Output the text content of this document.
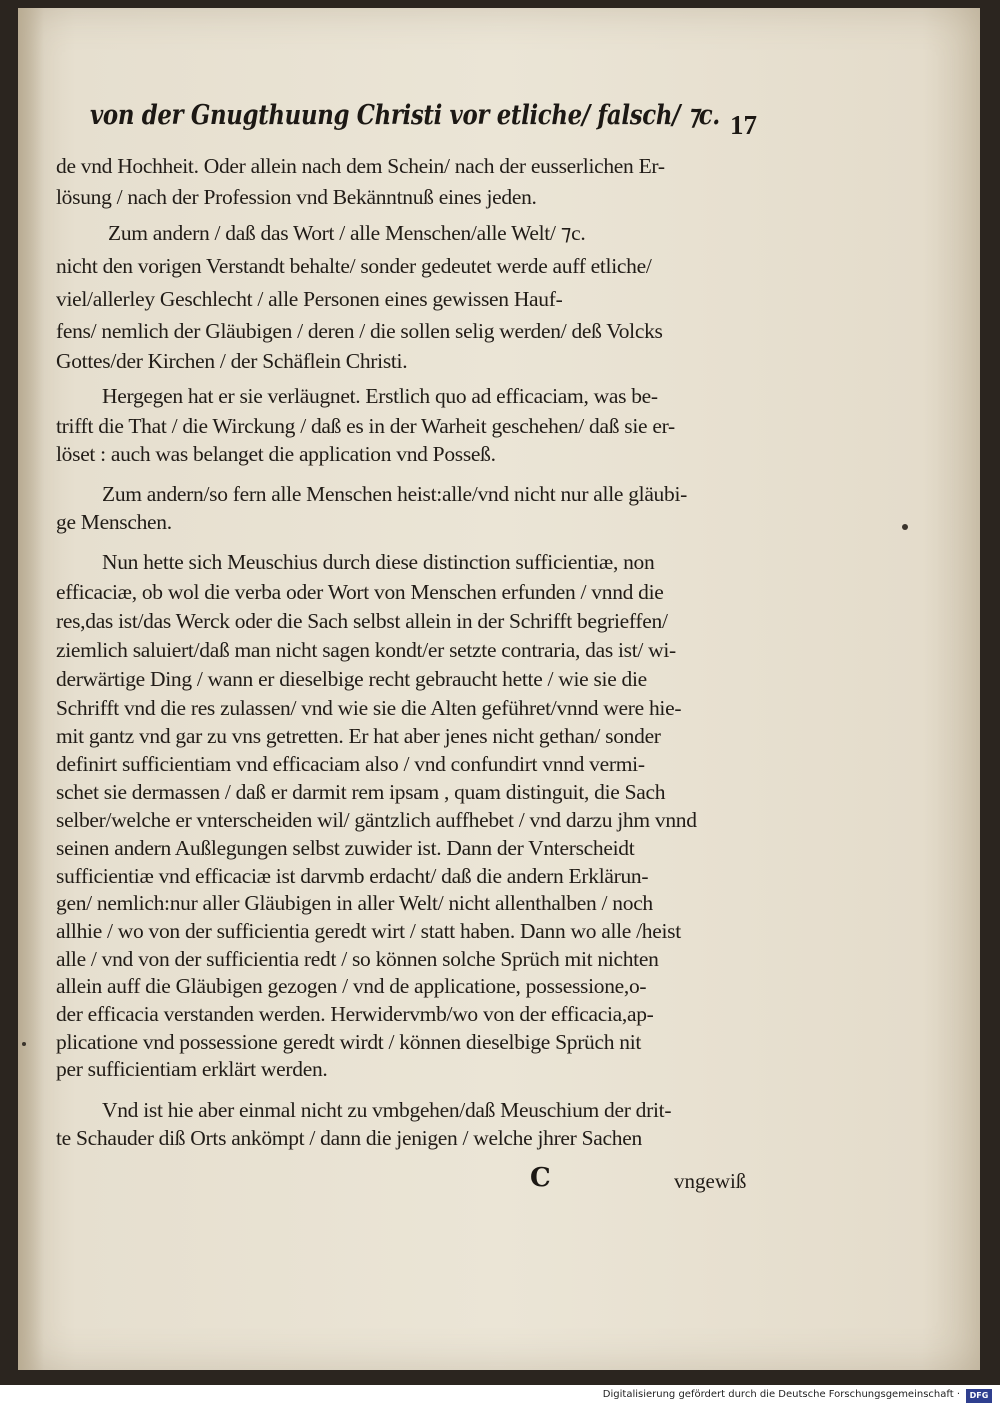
von der Gnugthuung Christi vor etliche/ falsch/ ⁊c. 17
de vnd Hochheit. Oder allein nach dem Schein/ nach der eusserlichen Er-
lösung / nach der Profession vnd Bekänntnuß eines jeden.
Zum andern / daß das Wort / alle Menschen/alle Welt/ ⁊c.
nicht den vorigen Verstandt behalte/ sonder gedeutet werde auff etliche/
viel/allerley Geschlecht / alle Personen eines gewissen Hauf-
fens/ nemlich der Gläubigen / deren / die sollen selig werden/ deß Volcks
Gottes/der Kirchen / der Schäflein Christi.
Hergegen hat er sie verläugnet. Erstlich quo ad efficaciam, was be-
trifft die That / die Wirckung / daß es in der Warheit geschehen/ daß sie er-
löset : auch was belanget die application vnd Posseß.
Zum andern/so fern alle Menschen heist:alle/vnd nicht nur alle gläubi-
ge Menschen.
Nun hette sich Meuschius durch diese distinction sufficientiæ, non
efficaciæ, ob wol die verba oder Wort von Menschen erfunden / vnnd die
res,das ist/das Werck oder die Sach selbst allein in der Schrifft begrieffen/
ziemlich saluiert/daß man nicht sagen kondt/er setzte contraria, das ist/ wi-
derwärtige Ding / wann er dieselbige recht gebraucht hette / wie sie die
Schrifft vnd die res zulassen/ vnd wie sie die Alten geführet/vnnd were hie-
mit gantz vnd gar zu vns getretten. Er hat aber jenes nicht gethan/ sonder
definirt sufficientiam vnd efficaciam also / vnd confundirt vnnd vermi-
schet sie dermassen / daß er darmit rem ipsam , quam distinguit, die Sach
selber/welche er vnterscheiden wil/ gäntzlich auffhebet / vnd darzu jhm vnnd
seinen andern Außlegungen selbst zuwider ist. Dann der Vnterscheidt
sufficientiæ vnd efficaciæ ist darvmb erdacht/ daß die andern Erklärun-
gen/ nemlich:nur aller Gläubigen in aller Welt/ nicht allenthalben / noch
allhie / wo von der sufficientia geredt wirt / statt haben. Dann wo alle /heist
alle / vnd von der sufficientia redt / so können solche Sprüch mit nichten
allein auff die Gläubigen gezogen / vnd de applicatione, possessione,o-
der efficacia verstanden werden. Herwidervmb/wo von der efficacia,ap-
plicatione vnd possessione geredt wirdt / können dieselbige Sprüch nit
per sufficientiam erklärt werden.
Vnd ist hie aber einmal nicht zu vmbgehen/daß Meuschium der drit-
te Schauder diß Orts ankömpt / dann die jenigen / welche jhrer Sachen
C	vngewiß
Digitalisierung gefördert durch die Deutsche Forschungsgemeinschaft ·	DFG
